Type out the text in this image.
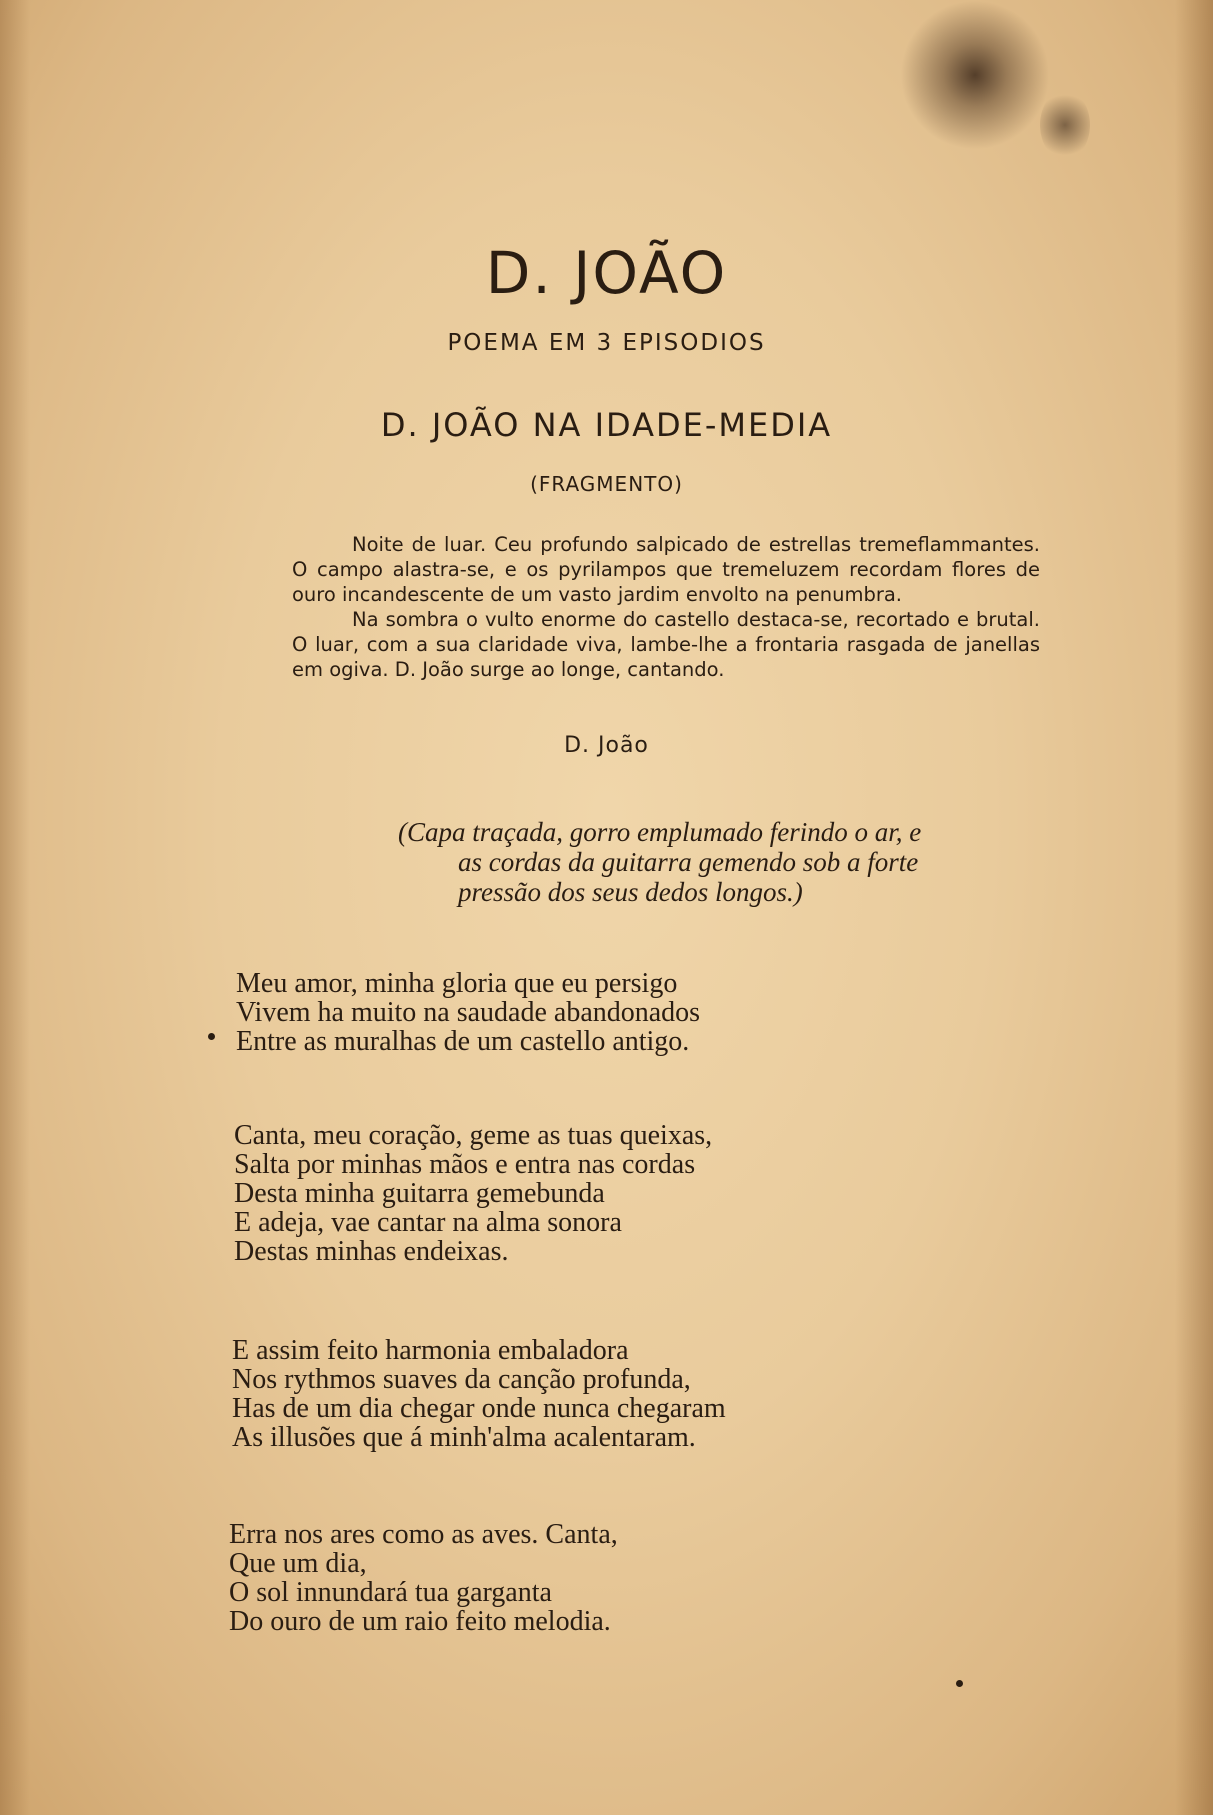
D. JOÃO
POEMA EM 3 EPISODIOS
D. JOÃO NA IDADE-MEDIA
(FRAGMENTO)

Noite de luar. Ceu profundo salpicado de estrellas tremeflammantes. O campo alastra-se, e os pyrilampos que tremeluzem recordam flores de ouro incandescente de um vasto jardim envolto na penumbra.

Na sombra o vulto enorme do castello destaca-se, recortado e brutal. O luar, com a sua claridade viva, lambe-lhe a frontaria rasgada de janellas em ogiva. D. João surge ao longe, cantando.

D. João
(Capa traçada, gorro emplumado ferindo o ar, e
as cordas da guitarra gemendo sob a forte
pressão dos seus dedos longos.)
Meu amor, minha gloria que eu persigo
Vivem ha muito na saudade abandonados
Entre as muralhas de um castello antigo.
Canta, meu coração, geme as tuas queixas,
Salta por minhas mãos e entra nas cordas
Desta minha guitarra gemebunda
E adeja, vae cantar na alma sonora
Destas minhas endeixas.
E assim feito harmonia embaladora
Nos rythmos suaves da canção profunda,
Has de um dia chegar onde nunca chegaram
As illusões que á minh'alma acalentaram.
Erra nos ares como as aves. Canta,
Que um dia,
O sol innundará tua garganta
Do ouro de um raio feito melodia.
